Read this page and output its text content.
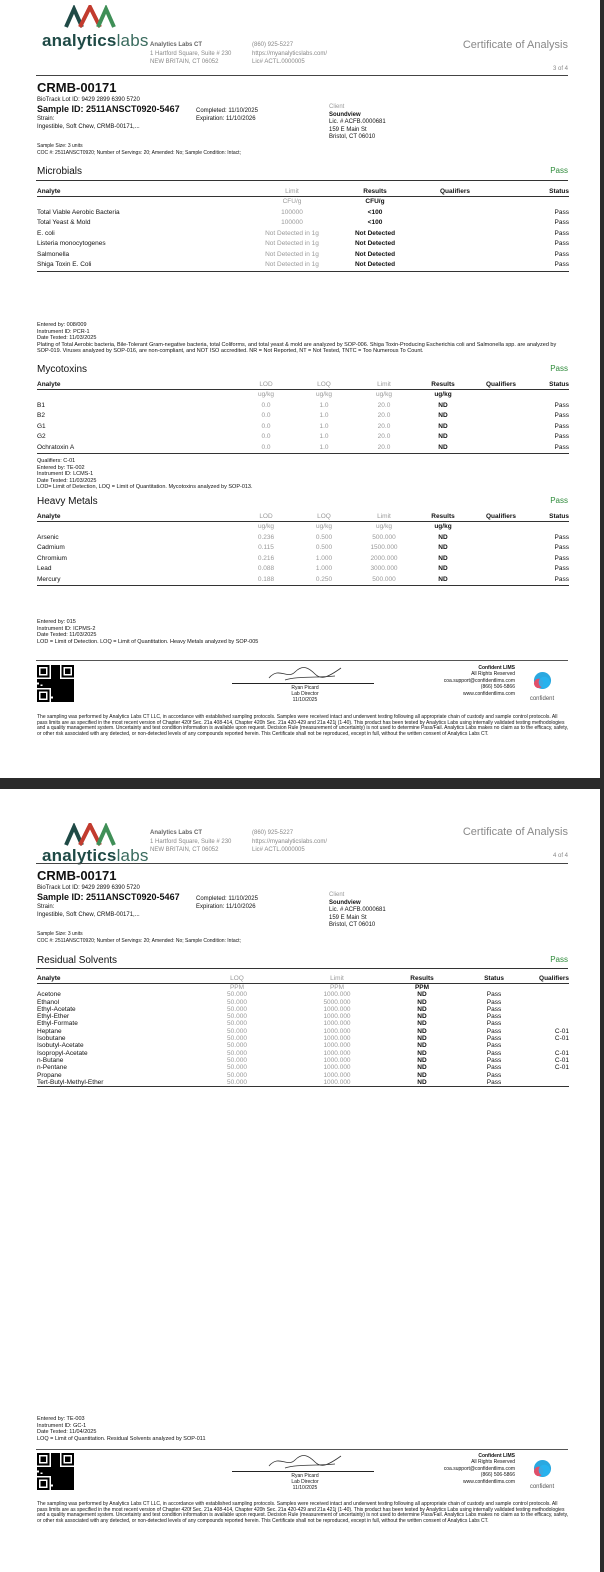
analyticslabs Analytics Labs CT
1 Hartford Square, Suite # 230
NEW BRITAIN, CT 06052
(860) 925-5227
https://myanalyticslabs.com/
Lic# ACTL.0000005
Certificate of Analysis
3 of 4
CRMB-00171
BioTrack Lot ID: 9429 2899 6390 5720
Sample ID: 2511ANSCT0920-5467	Completed: 11/10/2025
Expiration: 11/10/2026
Strain:
Ingestible, Soft Chew, CRMB-00171,...
Client
Soundview
Lic. # ACFB.0000681
159 E Main St
Bristol, CT 06010
Sample Size: 3 units
COC #: 2511ANSCT0920; Number of Servings: 20; Amended: No; Sample Condition: Intact;
Microbials	Pass
Analyte	Limit	Results	Qualifiers	Status
	CFU/g	CFU/g		
Total Viable Aerobic Bacteria	100000	<100		Pass
Total Yeast & Mold	100000	<100		Pass
E. coli	Not Detected in 1g	Not Detected		Pass
Listeria monocytogenes	Not Detected in 1g	Not Detected		Pass
Salmonella	Not Detected in 1g	Not Detected		Pass
Shiga Toxin E. Coli	Not Detected in 1g	Not Detected		Pass
Entered by: 008/009
Instrument ID: PCR-1
Date Tested: 11/03/2025
Plating of Total Aerobic bacteria, Bile-Tolerant Gram-negative bacteria, total Coliforms, and total yeast & mold are analyzed by SOP-006. Shiga Toxin-Producing Escherichia coli and Salmonella spp. are analyzed by SOP-019. Viruses analyzed by SOP-016, are non-compliant, and NOT ISO accredited. NR = Not Reported, NT = Not Tested, TNTC = Too Numerous To Count.
Mycotoxins	Pass
Analyte	LOD	LOQ	Limit	Results	Qualifiers	Status
	ug/kg	ug/kg	ug/kg	ug/kg		
B1	0.0	1.0	20.0	ND		Pass
B2	0.0	1.0	20.0	ND		Pass
G1	0.0	1.0	20.0	ND		Pass
G2	0.0	1.0	20.0	ND		Pass
Ochratoxin A	0.0	1.0	20.0	ND		Pass
Qualifiers: C-01
Entered by: TE-002
Instrument ID: LCMS-1
Date Tested: 11/03/2025
LOD= Limit of Detection, LOQ = Limit of Quantitation. Mycotoxins analyzed by SOP-013.
Heavy Metals	Pass
Analyte	LOD	LOQ	Limit	Results	Qualifiers	Status
	ug/kg	ug/kg	ug/kg	ug/kg		
Arsenic	0.236	0.500	500.000	ND		Pass
Cadmium	0.115	0.500	1500.000	ND		Pass
Chromium	0.216	1.000	2000.000	ND		Pass
Lead	0.088	1.000	3000.000	ND		Pass
Mercury	0.188	0.250	500.000	ND		Pass
Entered by: 015
Instrument ID: ICPMS-2
Date Tested: 11/03/2025
LOD = Limit of Detection. LOQ = Limit of Quantitation. Heavy Metals analyzed by SOP-005
Ryan Picard
Lab Director
11/10/2025
Confident LIMS
All Rights Reserved
coa.support@confidentlims.com
(866) 506-5866
www.confidentlims.com
confident
The sampling was performed by Analytics Labs CT LLC, in accordance with established sampling protocols. Samples were received intact and underwent testing following all appropriate chain of custody and sample control protocols. All pass limits are as specified in the most recent version of Chapter 420f Sec. 21a 408-414, Chapter 420h Sec. 21a 420-429 and 21a 421j (1-40). This product has been tested by Analytics Labs using internally validated testing methodologies and a quality management system. Uncertainty and test condition information is available upon request. Decision Rule (measurement of uncertainty) is not used to determine Pass/Fail. Analytics Labs makes no claim as to the efficacy, safety, or other risk associated with any detected, or non-detected levels of any compounds reported herein. This Certificate shall not be reproduced, except in full, without the written consent of Analytics Labs CT.
analyticslabs
Analytics Labs CT
1 Hartford Square, Suite # 230
NEW BRITAIN, CT 06052
(860) 925-5227
https://myanalyticslabs.com/
Lic# ACTL.0000005
Certificate of Analysis
4 of 4
CRMB-00171
BioTrack Lot ID: 9429 2899 6390 5720
Sample ID: 2511ANSCT0920-5467	Completed: 11/10/2025
Expiration: 11/10/2026
Strain:
Ingestible, Soft Chew, CRMB-00171,...
Client
Soundview
Lic. # ACFB.0000681
159 E Main St
Bristol, CT 06010
Sample Size: 3 units
COC #: 2511ANSCT0920; Number of Servings: 20; Amended: No; Sample Condition: Intact;
Residual Solvents	Pass
Analyte	LOQ	Limit	Results	Status	Qualifiers
	PPM	PPM	PPM		
Acetone	50.000	1000.000	ND	Pass	
Ethanol	50.000	5000.000	ND	Pass	
Ethyl-Acetate	50.000	1000.000	ND	Pass	
Ethyl-Ether	50.000	1000.000	ND	Pass	
Ethyl-Formate	50.000	1000.000	ND	Pass	
Heptane	50.000	1000.000	ND	Pass	C-01
Isobutane	50.000	1000.000	ND	Pass	C-01
Isobutyl-Acetate	50.000	1000.000	ND	Pass	
Isopropyl-Acetate	50.000	1000.000	ND	Pass	C-01
n-Butane	50.000	1000.000	ND	Pass	C-01
n-Pentane	50.000	1000.000	ND	Pass	C-01
Propane	50.000	1000.000	ND	Pass	
Tert-Butyl-Methyl-Ether	50.000	1000.000	ND	Pass	
Entered by: TE-003
Instrument ID: GC-1
Date Tested: 11/04/2025
LOQ = Limit of Quantitation. Residual Solvents analyzed by SOP-011
Ryan Picard
Lab Director
11/10/2025
Confident LIMS
All Rights Reserved
coa.support@confidentlims.com
(866) 506-5866
www.confidentlims.com
confident
The sampling was performed by Analytics Labs CT LLC, in accordance with established sampling protocols. Samples were received intact and underwent testing following all appropriate chain of custody and sample control protocols. All pass limits are as specified in the most recent version of Chapter 420f Sec. 21a 408-414, Chapter 420h Sec. 21a 420-429 and 21a 421j (1-40). This product has been tested by Analytics Labs using internally validated testing methodologies and a quality management system. Uncertainty and test condition information is available upon request. Decision Rule (measurement of uncertainty) is not used to determine Pass/Fail. Analytics Labs makes no claim as to the efficacy, safety, or other risk associated with any detected, or non-detected levels of any compounds reported herein. This Certificate shall not be reproduced, except in full, without the written consent of Analytics Labs CT.
